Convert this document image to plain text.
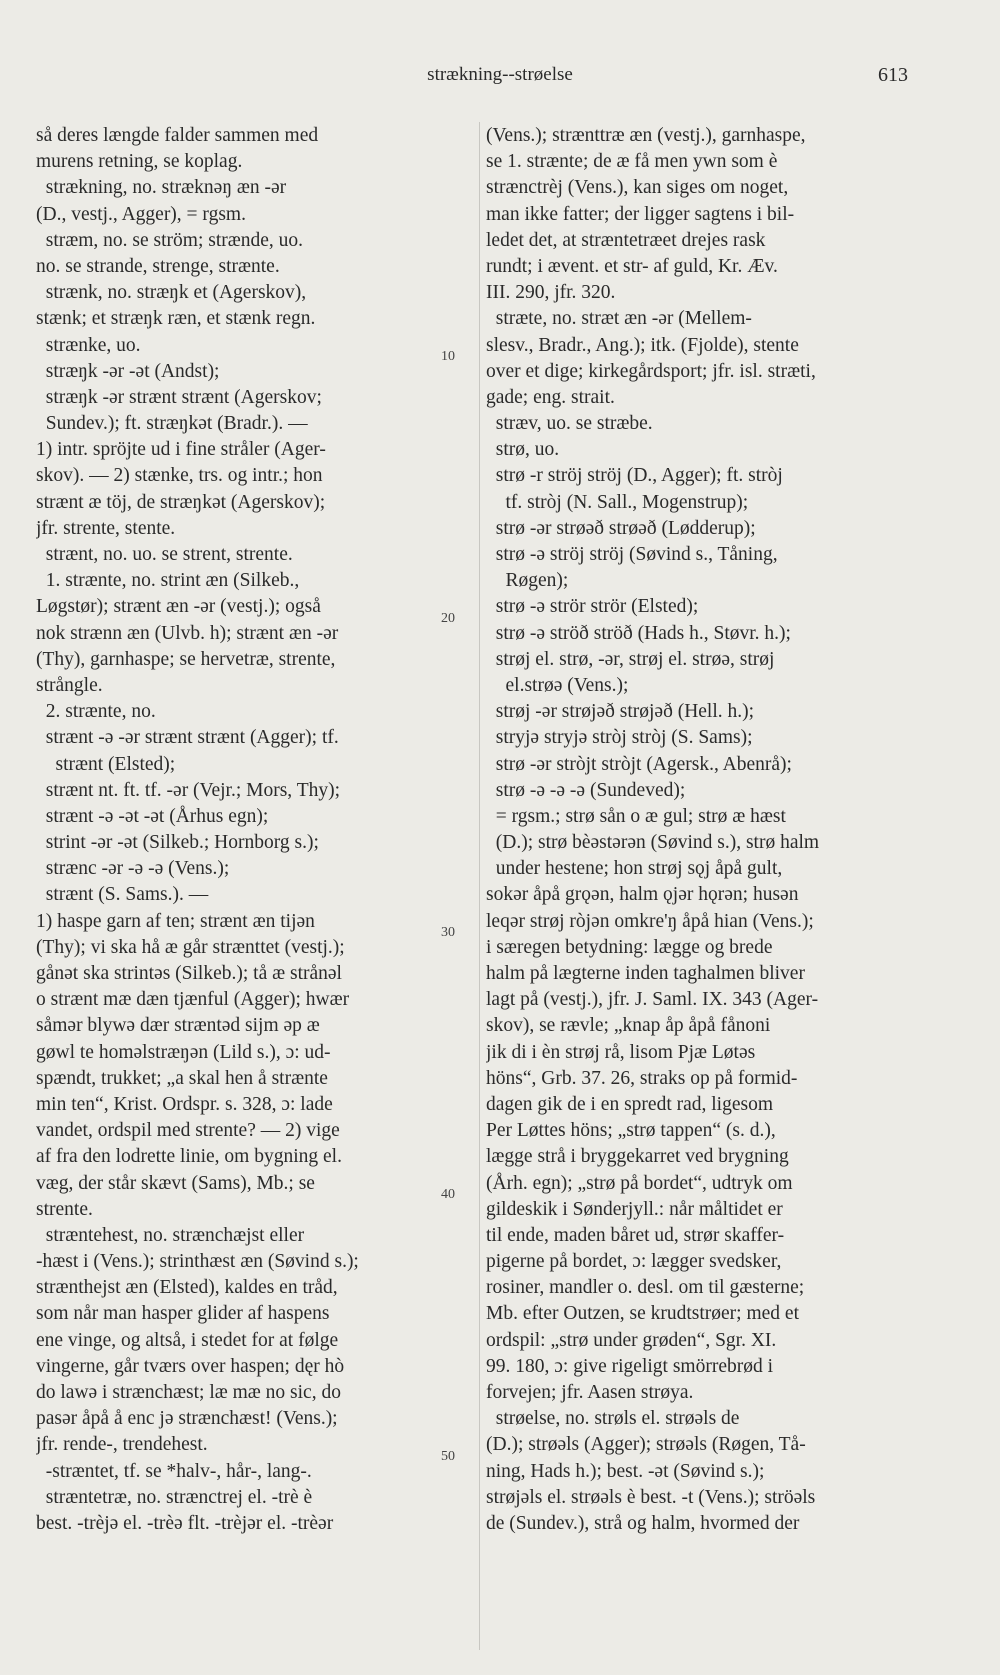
strækning--strøelse	613
så deres længde falder sammen med
murens retning, se koplag.
strækning, no. stræknəŋ æn -ər
(D., vestj., Agger), = rgsm.
stræm, no. se ström; strænde, uo.
no. se strande, strenge, strænte.
strænk, no. stræŋk et (Agerskov),
stænk; et stræŋk ræn, et stænk regn.
strænke, uo.
stræŋk -ər -ət (Andst);
stræŋk -ər strænt strænt (Agerskov;
Sundev.); ft. stræŋkət (Bradr.). —
1) intr. spröjte ud i fine stråler (Ager-
skov). — 2) stænke, trs. og intr.; hon
strænt æ töj, de stræŋkət (Agerskov);
jfr. strente, stente.
strænt, no. uo. se strent, strente.
1. strænte, no. strint æn (Silkeb.,
Løgstør); strænt æn -ər (vestj.); også
nok strænn æn (Ulvb. h); strænt æn -ər
(Thy), garnhaspe; se hervetræ, strente,
strångle.
2. strænte, no.
strænt -ə -ər strænt strænt (Agger); tf.
strænt (Elsted);
strænt nt. ft. tf. -ər (Vejr.; Mors, Thy);
strænt -ə -ət -ət (Århus egn);
strint -ər -ət (Silkeb.; Hornborg s.);
strænc -ər -ə -ə (Vens.);
strænt (S. Sams.). —
1) haspe garn af ten; strænt æn tijən
(Thy); vi ska hå æ går strænttet (vestj.);
gånət ska strintəs (Silkeb.); tå æ strånəl
o strænt mæ dæn tjænful (Agger); hwær
såmər blywə dær stræntəd sijm əp æ
gøwl te homəlstræŋən (Lild s.), ɔ: ud-
spændt, trukket; „a skal hen å strænte
min ten“, Krist. Ordspr. s. 328, ɔ: lade
vandet, ordspil med strente? — 2) vige
af fra den lodrette linie, om bygning el.
væg, der står skævt (Sams), Mb.; se
strente.
stræntehest, no. strænchæjst eller
-hæst i (Vens.); strinthæst æn (Søvind s.);
strænthejst æn (Elsted), kaldes en tråd,
som når man hasper glider af haspens
ene vinge, og altså, i stedet for at følge
vingerne, går tværs over haspen; dęr hò
do lawə i strænchæst; læ mæ no sic, do
pasər åpå å enc jə strænchæst! (Vens.);
jfr. rende-, trendehest.
-stræntet, tf. se *halv-, hår-, lang-.
stræntetræ, no. strænctrej el. -trè è
best. -trèjə el. -trèə flt. -trèjər el. -trèər
(Vens.); strænttræ æn (vestj.), garnhaspe,
se 1. strænte; de æ få men ywn som è
strænctrèj (Vens.), kan siges om noget,
man ikke fatter; der ligger sagtens i bil-
ledet det, at stræntetræet drejes rask
rundt; i ævent. et str- af guld, Kr. Æv.
III. 290, jfr. 320.
stræte, no. stræt æn -ər (Mellem-
slesv., Bradr., Ang.); itk. (Fjolde), stente
over et dige; kirkegårdsport; jfr. isl. stræti,
gade; eng. strait.
stræv, uo. se stræbe.
strø, uo.
strø -r ströj ströj (D., Agger); ft. stròj
tf. stròj (N. Sall., Mogenstrup);
strø -ər strøəð strøəð (Lødderup);
strø -ə ströj ströj (Søvind s., Tåning,
Røgen);
strø -ə strör strör (Elsted);
strø -ə ströð ströð (Hads h., Støvr. h.);
strøj el. strø, -ər, strøj el. strøə, strøj
el.strøə (Vens.);
strøj -ər strøjəð strøjəð (Hell. h.);
stryjə stryjə stròj stròj (S. Sams);
strø -ər stròjt stròjt (Agersk., Abenrå);
strø -ə -ə -ə (Sundeved);
= rgsm.; strø sån o æ gul; strø æ hæst
(D.); strø bèəstərən (Søvind s.), strø halm
under hestene; hon strøj sǫj åpå gult,
sokər åpå grǫən, halm ǫjər hǫrən; husən
leqər strøj ròjən omkre'ŋ åpå hian (Vens.);
i særegen betydning: lægge og brede
halm på lægterne inden taghalmen bliver
lagt på (vestj.), jfr. J. Saml. IX. 343 (Ager-
skov), se rævle; „knap åp åpå fånoni
jik di i èn strøj rå, lisom Pjæ Løtəs
höns“, Grb. 37. 26, straks op på formid-
dagen gik de i en spredt rad, ligesom
Per Løttes höns; „strø tappen“ (s. d.),
lægge strå i bryggekarret ved brygning
(Årh. egn); „strø på bordet“, udtryk om
gildeskik i Sønderjyll.: når måltidet er
til ende, maden båret ud, strør skaffer-
pigerne på bordet, ɔ: lægger svedsker,
rosiner, mandler o. desl. om til gæsterne;
Mb. efter Outzen, se krudtstrøer; med et
ordspil: „strø under grøden“, Sgr. XI.
99. 180, ɔ: give rigeligt smörrebrød i
forvejen; jfr. Aasen strøya.
strøelse, no. strøls el. strøəls de
(D.); strøəls (Agger); strøəls (Røgen, Tå-
ning, Hads h.); best. -ət (Søvind s.);
strøjəls el. strøəls è best. -t (Vens.); ströəls
de (Sundev.), strå og halm, hvormed der
10
20
30
40
50
